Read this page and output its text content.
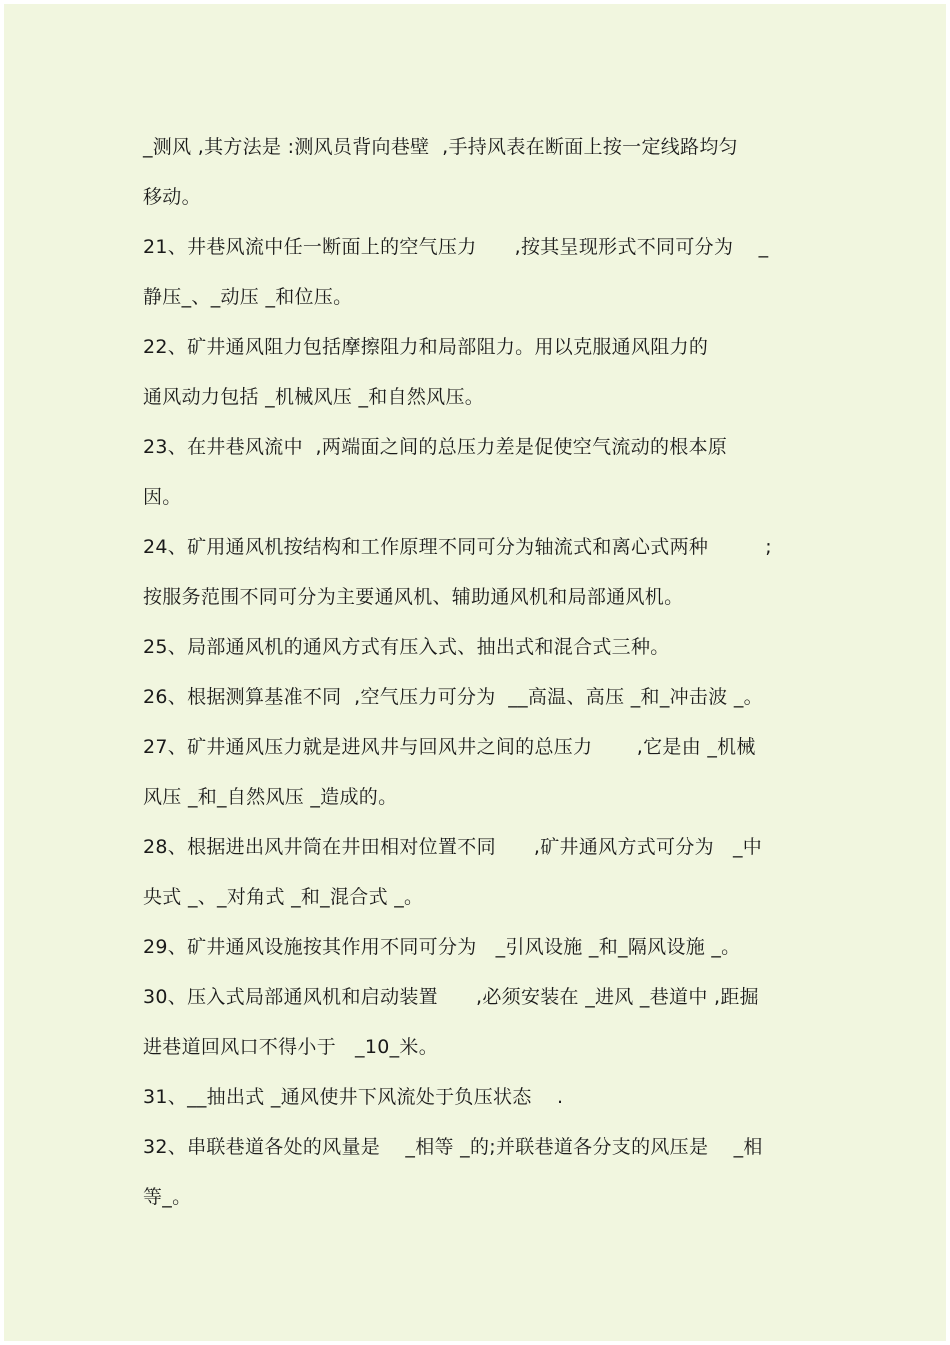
_测风 ,其方法是 :测风员背向巷壁  ,手持风表在断面上按一定线路均匀
移动。
21、井巷风流中任一断面上的空气压力      ,按其呈现形式不同可分为    _
静压_、_动压 _和位压。
22、矿井通风阻力包括摩擦阻力和局部阻力。用以克服通风阻力的
通风动力包括 _机械风压 _和自然风压。
23、在井巷风流中  ,两端面之间的总压力差是促使空气流动的根本原
因。
24、矿用通风机按结构和工作原理不同可分为轴流式和离心式两种         ;
按服务范围不同可分为主要通风机、辅助通风机和局部通风机。
25、局部通风机的通风方式有压入式、抽出式和混合式三种。
26、根据测算基准不同  ,空气压力可分为  __高温、高压 _和_冲击波 _。
27、矿井通风压力就是进风井与回风井之间的总压力       ,它是由 _机械
风压 _和_自然风压 _造成的。
28、根据进出风井筒在井田相对位置不同      ,矿井通风方式可分为   _中
央式 _、_对角式 _和_混合式 _。
29、矿井通风设施按其作用不同可分为   _引风设施 _和_隔风设施 _。
30、压入式局部通风机和启动装置      ,必须安装在 _进风 _巷道中 ,距掘
进巷道回风口不得小于   _10_米。
31、__抽出式 _通风使井下风流处于负压状态    .
32、串联巷道各处的风量是    _相等 _的;并联巷道各分支的风压是    _相
等_。
